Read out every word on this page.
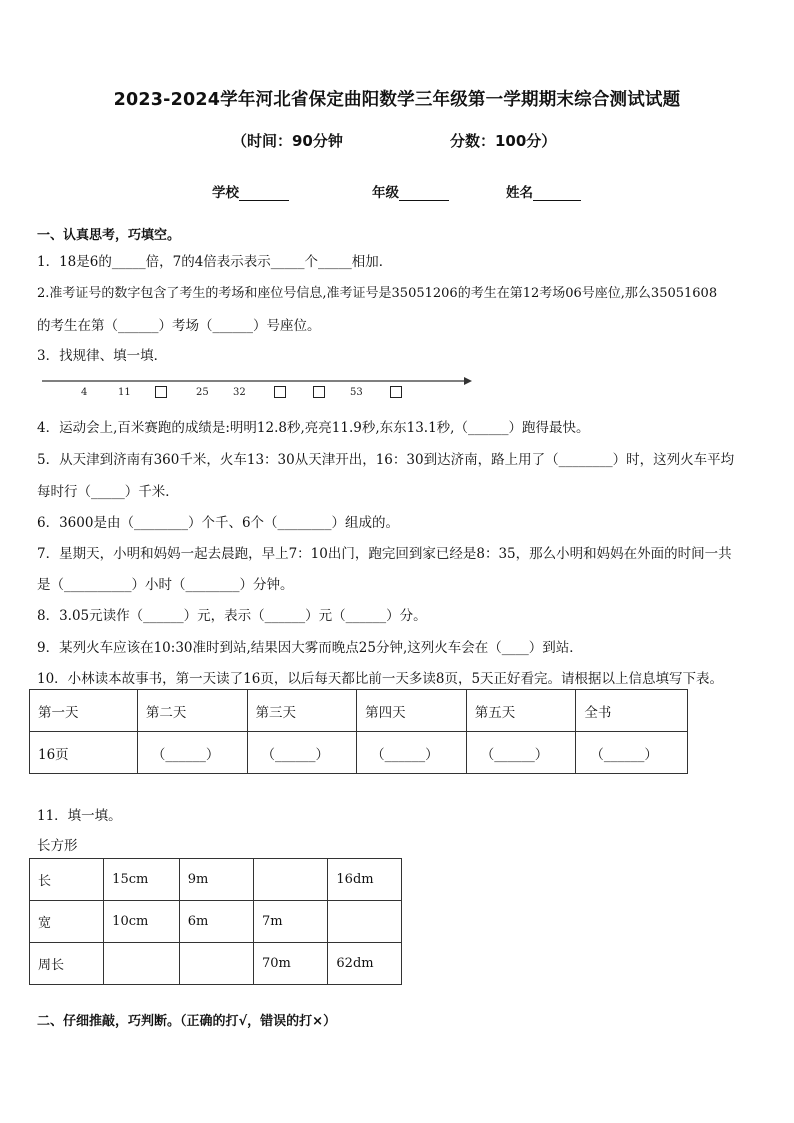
2023-2024学年河北省保定曲阳数学三年级第一学期期末综合测试试题
（时间：90分钟	分数：100分）
学校	年级	姓名
一、认真思考，巧填空。
1．18是6的_____倍，7的4倍表示表示_____个_____相加．
2.准考证号的数字包含了考生的考场和座位号信息,准考证号是35051206的考生在第12考场06号座位,那么35051608
的考生在第（______）考场（______）号座位。
3．找规律、填一填．
4	11	25 32	53
4．运动会上,百米赛跑的成绩是:明明12.8秒,亮亮11.9秒,东东13.1秒,（______）跑得最快。
5．从天津到济南有360千米，火车13：30从天津开出，16：30到达济南，路上用了（________）时，这列火车平均
每时行（_____）千米．
6．3600是由（________）个千、6个（________）组成的。
7．星期天，小明和妈妈一起去晨跑，早上7：10出门，跑完回到家已经是8：35，那么小明和妈妈在外面的时间一共
是（__________）小时（________）分钟。
8．3.05元读作（______）元，表示（______）元（______）分。
9．某列火车应该在10:30准时到站,结果因大雾而晚点25分钟,这列火车会在（____）到站．
10．小林读本故事书，第一天读了16页，以后每天都比前一天多读8页，5天正好看完。请根据以上信息填写下表。
第一天	第二天	第三天	第四天	第五天	全书
16页	（______）	（______）	（______）	（______）	（______）
11．填一填。
长方形
长	15cm	9m		16dm
宽	10cm	6m	7m	
周长			70m	62dm
二、仔细推敲，巧判断。（正确的打√，错误的打×）
